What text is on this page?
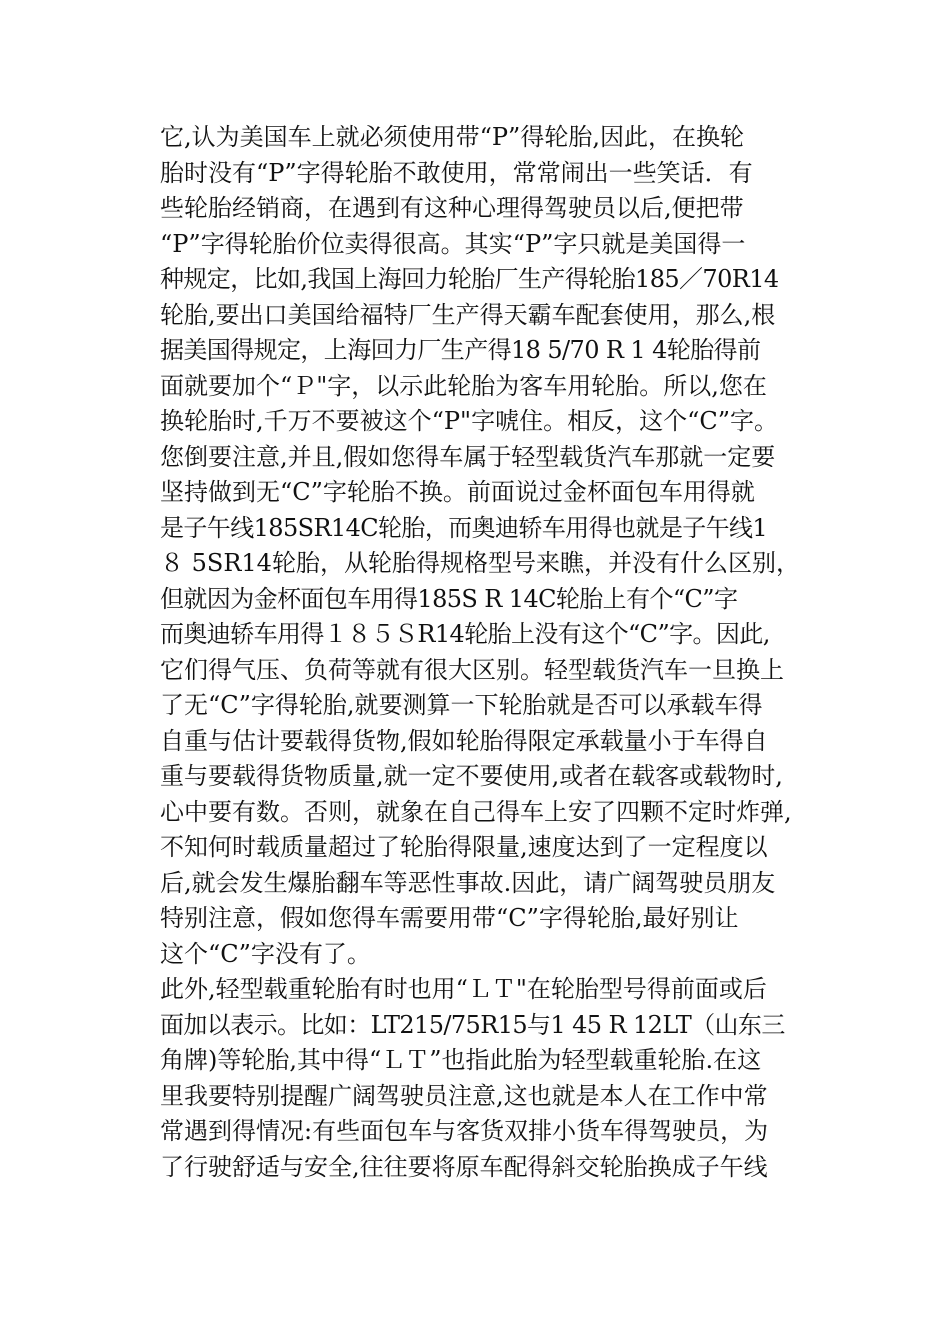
它,认为美国车上就必须使用带“P”得轮胎,因此，在换轮
胎时没有“P”字得轮胎不敢使用，常常闹出一些笑话．有
些轮胎经销商，在遇到有这种心理得驾驶员以后,便把带
“P”字得轮胎价位卖得很高。其实“P”字只就是美国得一
种规定，比如,我国上海回力轮胎厂生产得轮胎185／70R14
轮胎,要出口美国给福特厂生产得天霸车配套使用，那么,根
据美国得规定，上海回力厂生产得18 5/70 R 1 4轮胎得前
面就要加个“Ｐ"字，以示此轮胎为客车用轮胎。所以,您在
换轮胎时,千万不要被这个“P"字唬住。相反，这个“C”字。
您倒要注意,并且,假如您得车属于轻型载货汽车那就一定要
坚持做到无“C”字轮胎不换。前面说过金杯面包车用得就
是子午线185SR14C轮胎，而奥迪轿车用得也就是子午线1
８ 5SR14轮胎，从轮胎得规格型号来瞧，并没有什么区别，
但就因为金杯面包车用得185S R 14C轮胎上有个“C”字
而奥迪轿车用得１８５ＳR14轮胎上没有这个“C”字。因此,
它们得气压、负荷等就有很大区别。轻型载货汽车一旦换上
了无“C”字得轮胎,就要测算一下轮胎就是否可以承载车得
自重与估计要载得货物,假如轮胎得限定承载量小于车得自
重与要载得货物质量,就一定不要使用,或者在载客或载物时,
心中要有数。否则，就象在自己得车上安了四颗不定时炸弹,
不知何时载质量超过了轮胎得限量,速度达到了一定程度以
后,就会发生爆胎翻车等恶性事故.因此，请广阔驾驶员朋友
特别注意，假如您得车需要用带“C”字得轮胎,最好别让
这个“C”字没有了。
此外,轻型载重轮胎有时也用“ＬＴ"在轮胎型号得前面或后
面加以表示。比如：LT215/75R15与1 45 R 12LT（山东三
角牌)等轮胎,其中得“ＬＴ”也指此胎为轻型载重轮胎.在这
里我要特别提醒广阔驾驶员注意,这也就是本人在工作中常
常遇到得情况:有些面包车与客货双排小货车得驾驶员，为
了行驶舒适与安全,往往要将原车配得斜交轮胎换成子午线
